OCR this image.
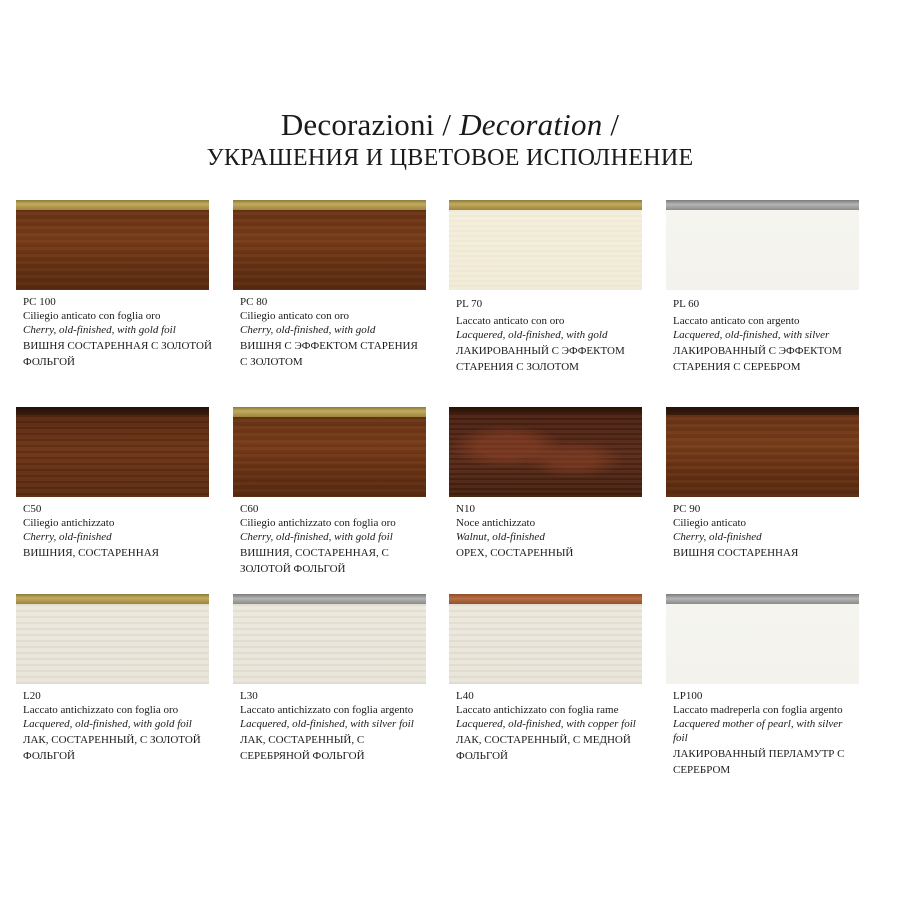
Decorazioni / Decoration /
УКРАШЕНИЯ И ЦВЕТОВОЕ ИСПОЛНЕНИЕ
PC 100
Ciliegio anticato con foglia oro
Cherry, old-finished, with gold foil
ВИШНЯ СОСТАРЕННАЯ С ЗОЛОТОЙ ФОЛЬГОЙ
PC 80
Ciliegio anticato con oro
Cherry, old-finished, with gold
ВИШНЯ С ЭФФЕКТОМ СТАРЕНИЯ С ЗОЛОТОМ
PL 70
Laccato anticato con oro
Lacquered, old-finished, with gold
ЛАКИРОВАННЫЙ С ЭФФЕКТОМ СТАРЕНИЯ С ЗОЛОТОМ
PL 60
Laccato anticato con argento
Lacquered, old-finished, with silver
ЛАКИРОВАННЫЙ С ЭФФЕКТОМ СТАРЕНИЯ С СЕРЕБРОМ
C50
Ciliegio antichizzato
Cherry, old-finished
ВИШНИЯ, СОСТАРЕННАЯ
C60
Ciliegio antichizzato con foglia oro
Cherry, old-finished, with gold foil
ВИШНИЯ, СОСТАРЕННАЯ, С ЗОЛОТОЙ ФОЛЬГОЙ
N10
Noce antichizzato
Walnut, old-finished
ОРЕХ, СОСТАРЕННЫЙ
PC 90
Ciliegio anticato
Cherry, old-finished
ВИШНЯ СОСТАРЕННАЯ
L20
Laccato antichizzato con foglia oro
Lacquered, old-finished, with gold foil
ЛАК, СОСТАРЕННЫЙ, С ЗОЛОТОЙ ФОЛЬГОЙ
L30
Laccato antichizzato con foglia argento
Lacquered, old-finished, with silver foil
ЛАК, СОСТАРЕННЫЙ, С СЕРЕБРЯНОЙ ФОЛЬГОЙ
L40
Laccato antichizzato con foglia rame
Lacquered, old-finished, with copper foil
ЛАК, СОСТАРЕННЫЙ, С МЕДНОЙ ФОЛЬГОЙ
LP100
Laccato madreperla con foglia argento
Lacquered mother of pearl, with silver foil
ЛАКИРОВАННЫЙ ПЕРЛАМУТР С СЕРЕБРОМ
